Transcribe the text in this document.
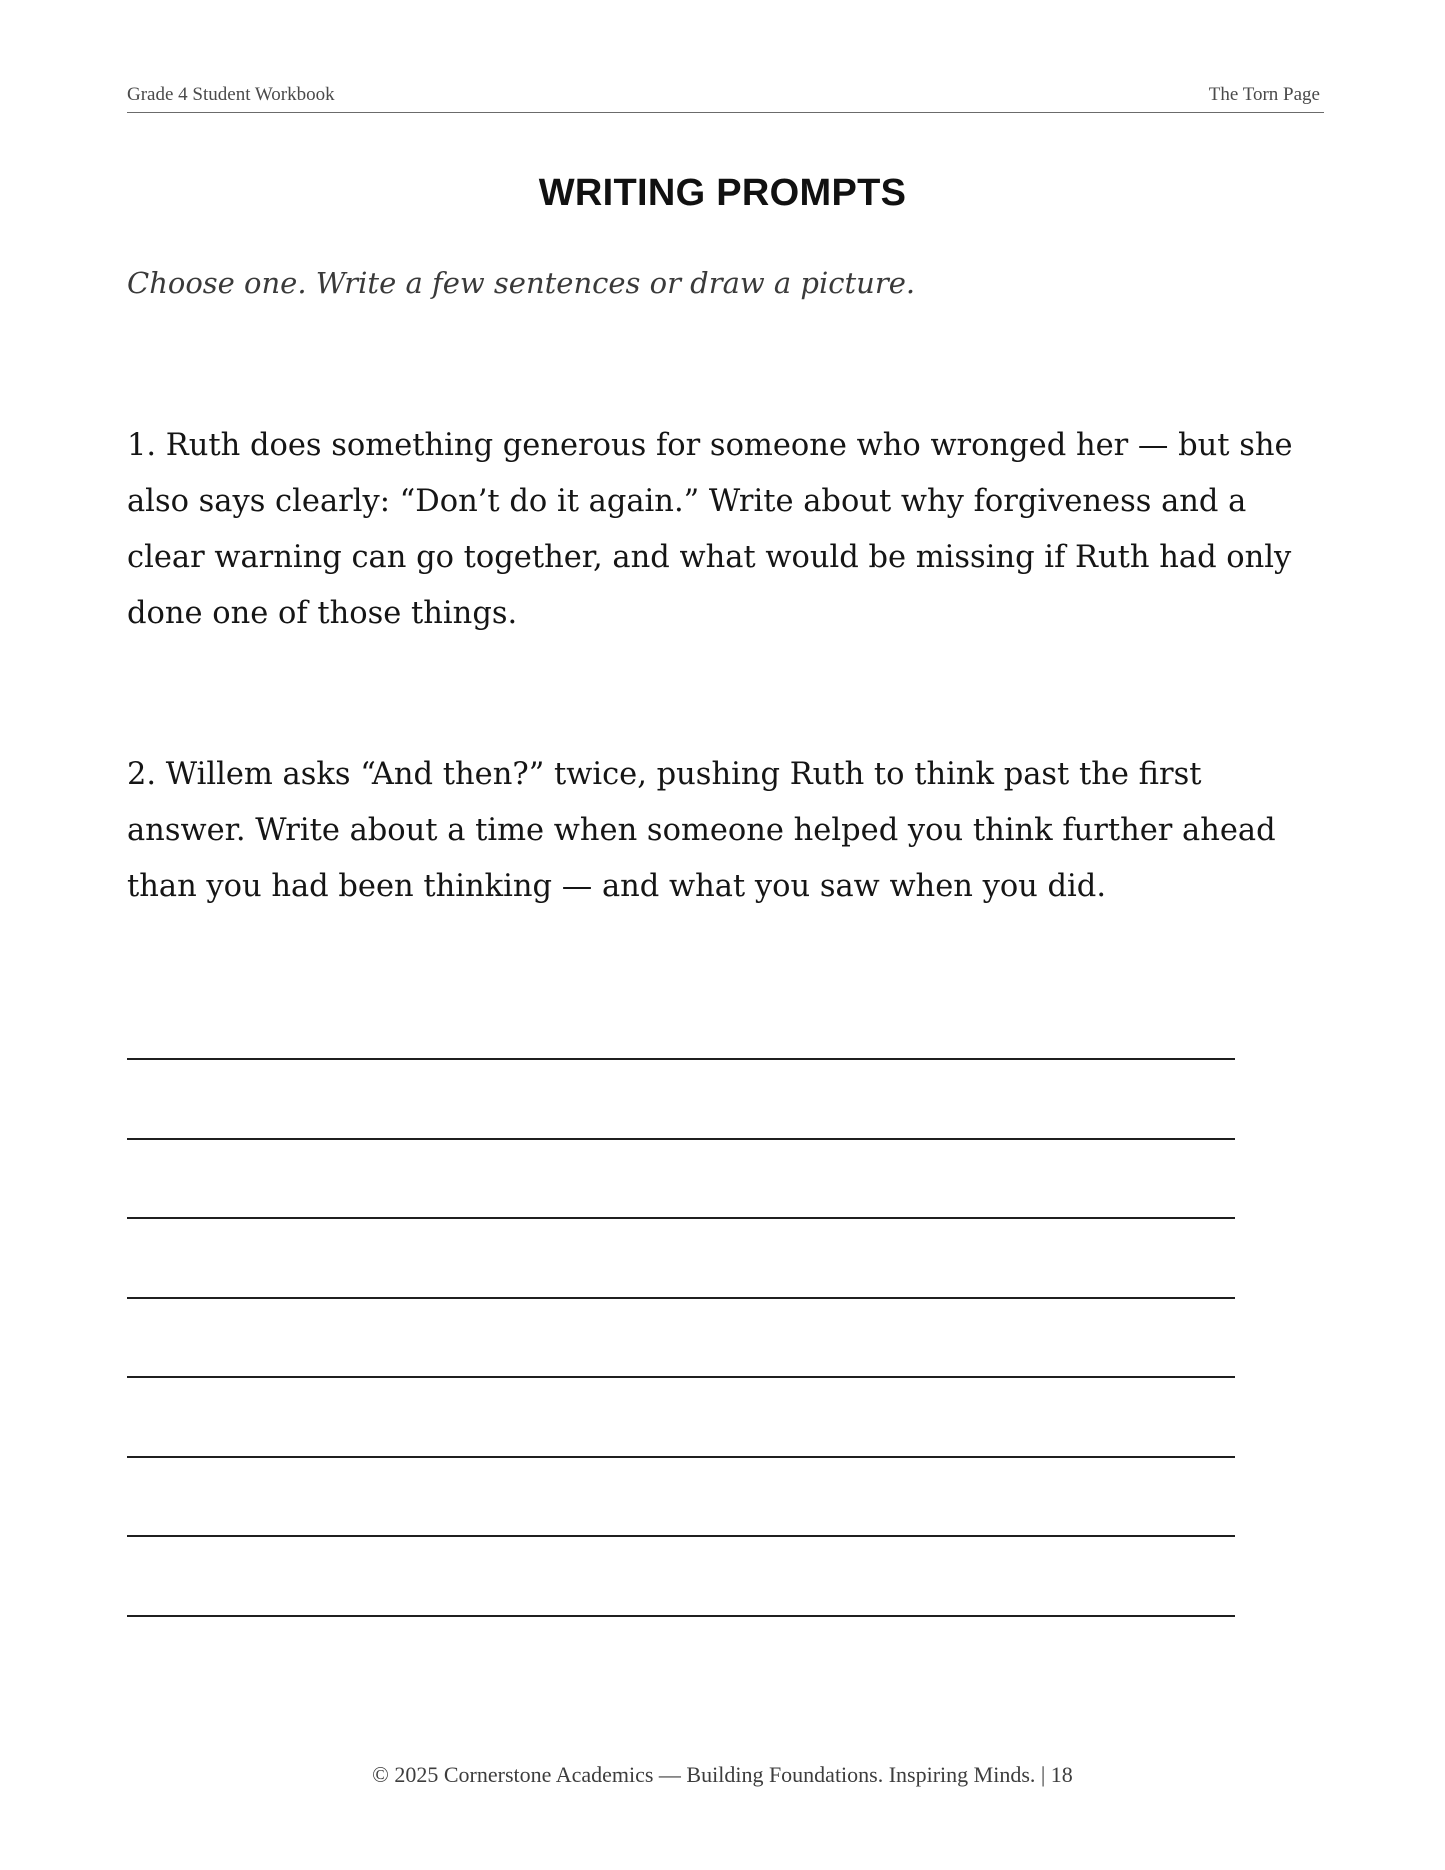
Grade 4 Student Workbook	The Torn Page
WRITING PROMPTS
Choose one. Write a few sentences or draw a picture.
1. Ruth does something generous for someone who wronged her — but she also says clearly: “Don’t do it again.” Write about why forgiveness and a clear warning can go together, and what would be missing if Ruth had only done one of those things.
2. Willem asks “And then?” twice, pushing Ruth to think past the first answer. Write about a time when someone helped you think further ahead than you had been thinking — and what you saw when you did.
© 2025 Cornerstone Academics — Building Foundations. Inspiring Minds. | 18
